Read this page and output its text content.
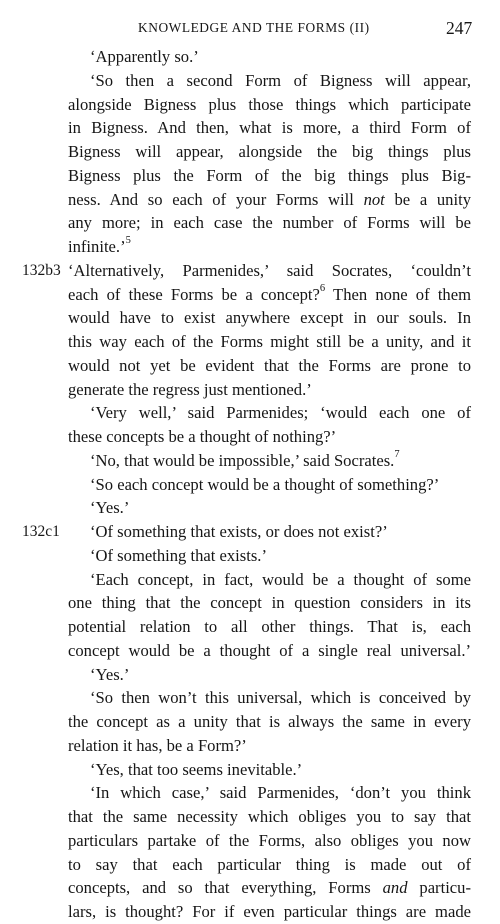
KNOWLEDGE AND THE FORMS (II)	247
‘Apparently so.’
‘So then a second Form of Bigness will appear,
alongside Bigness plus those things which participate
in Bigness. And then, what is more, a third Form of
Bigness will appear, alongside the big things plus
Bigness plus the Form of the big things plus Big-
ness. And so each of your Forms will not be a unity
any more; in each case the number of Forms will be
infinite.’$^5$
132b3 ‘Alternatively, Parmenides,’ said Socrates, ‘couldn’t
each of these Forms be a concept?$^6$ Then none of them
would have to exist anywhere except in our souls. In
this way each of the Forms might still be a unity, and it
would not yet be evident that the Forms are prone to
generate the regress just mentioned.’
‘Very well,’ said Parmenides; ‘would each one of
these concepts be a thought of nothing?’
‘No, that would be impossible,’ said Socrates.$^7$
‘So each concept would be a thought of something?’
‘Yes.’
132c1 ‘Of something that exists, or does not exist?’
‘Of something that exists.’
‘Each concept, in fact, would be a thought of some
one thing that the concept in question considers in its
potential relation to all other things. That is, each
concept would be a thought of a single real universal.’
‘Yes.’
‘So then won’t this universal, which is conceived by
the concept as a unity that is always the same in every
relation it has, be a Form?’
‘Yes, that too seems inevitable.’
‘In which case,’ said Parmenides, ‘don’t you think
that the same necessity which obliges you to say that
particulars partake of the Forms, also obliges you now
to say that each particular thing is made out of
concepts, and so that everything, Forms and particu-
lars, is thought? For if even particular things are made
